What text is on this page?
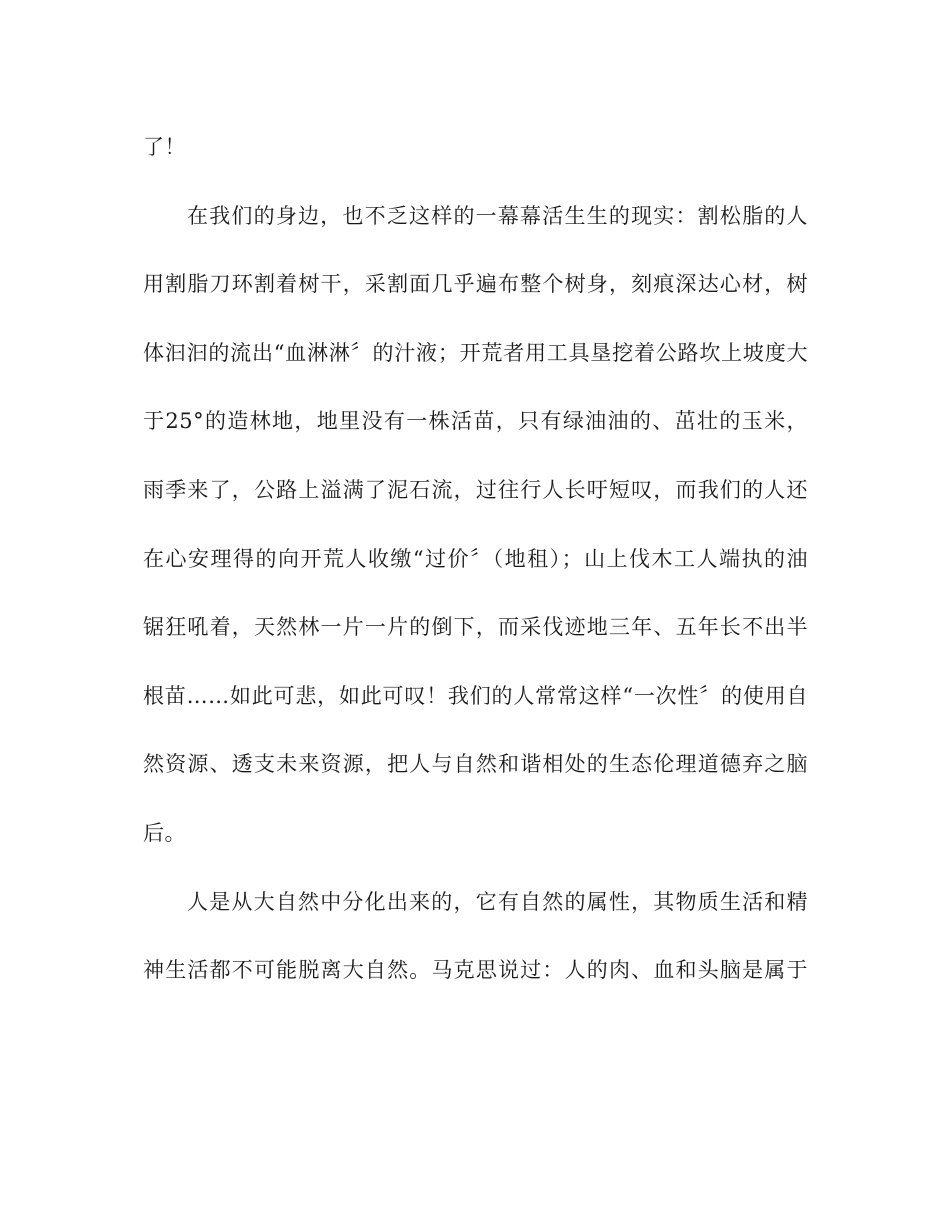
了！
在我们的身边，也不乏这样的一幕幕活生生的现实：割松脂的人
用割脂刀环割着树干，采割面几乎遍布整个树身，刻痕深达心材，树
体汩汩的流出“血淋淋〞的汁液；开荒者用工具垦挖着公路坎上坡度大
于25°的造林地，地里没有一株活苗，只有绿油油的、茁壮的玉米，
雨季来了，公路上溢满了泥石流，过往行人长吁短叹，而我们的人还
在心安理得的向开荒人收缴“过价〞（地租）；山上伐木工人端执的油
锯狂吼着，天然林一片一片的倒下，而采伐迹地三年、五年长不出半
根苗……如此可悲，如此可叹！我们的人常常这样“一次性〞的使用自
然资源、透支未来资源，把人与自然和谐相处的生态伦理道德弃之脑
后。
人是从大自然中分化出来的，它有自然的属性，其物质生活和精
神生活都不可能脱离大自然。马克思说过：人的肉、血和头脑是属于
